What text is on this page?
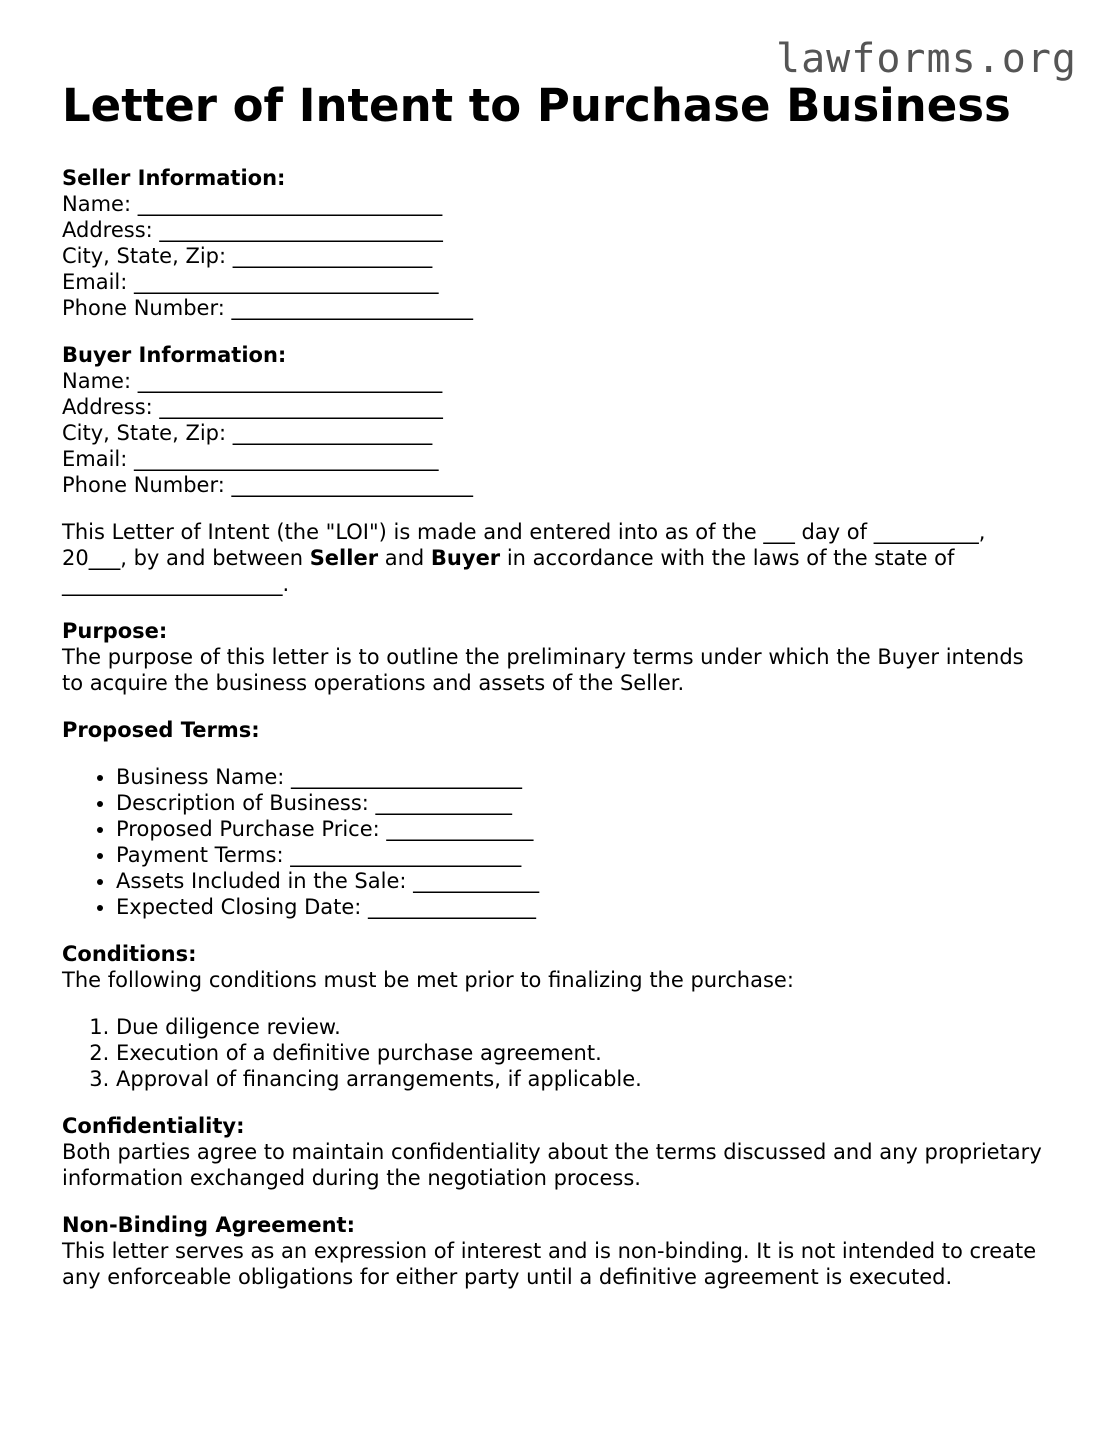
lawforms.org
Letter of Intent to Purchase Business
Seller Information:
Name: _____________________________
Address: ___________________________
City, State, Zip: ___________________
Email: _____________________________
Phone Number: _______________________
Buyer Information:
Name: _____________________________
Address: ___________________________
City, State, Zip: ___________________
Email: _____________________________
Phone Number: _______________________

This Letter of Intent (the "LOI") is made and entered into as of the ___ day of __________, 20___, by and between Seller and Buyer in accordance with the laws of the state of _____________________.

Purpose:

The purpose of this letter is to outline the preliminary terms under which the Buyer intends to acquire the business operations and assets of the Seller.

Proposed Terms:
• Business Name: ______________________
• Description of Business: _____________
• Proposed Purchase Price: ______________
• Payment Terms: ______________________
• Assets Included in the Sale: ____________
• Expected Closing Date: ________________
Conditions:

The following conditions must be met prior to finalizing the purchase:

1. Due diligence review.
2. Execution of a definitive purchase agreement.
3. Approval of financing arrangements, if applicable.
Confidentiality:

Both parties agree to maintain confidentiality about the terms discussed and any proprietary information exchanged during the negotiation process.

Non-Binding Agreement:

This letter serves as an expression of interest and is non-binding. It is not intended to create any enforceable obligations for either party until a definitive agreement is executed.
